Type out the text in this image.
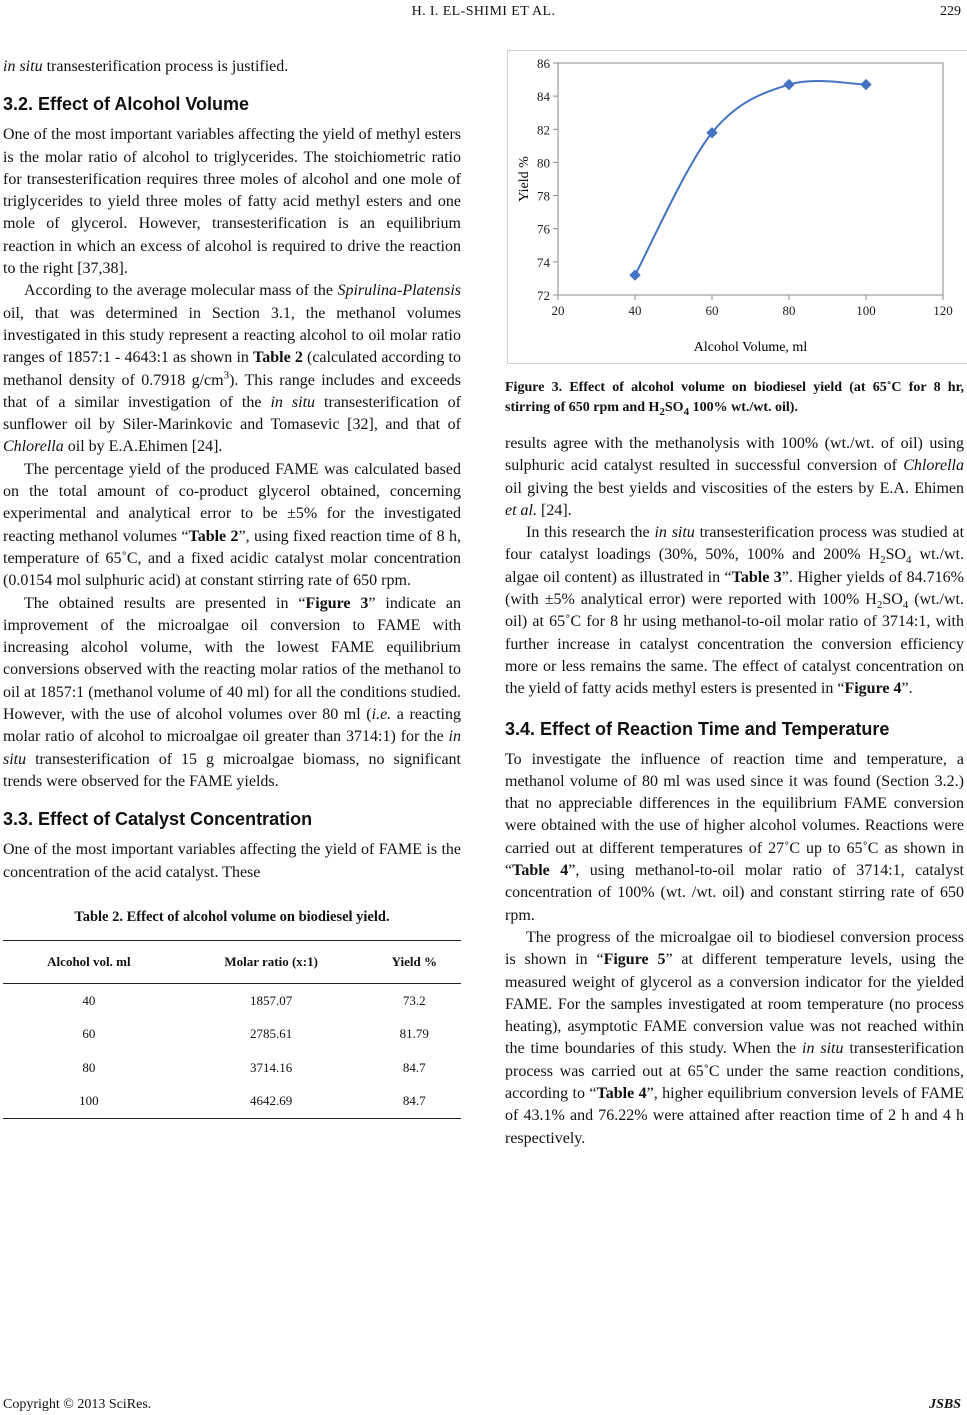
H. I. EL-SHIMI ET AL.	229

in situ transesterification process is justified.

3.2. Effect of Alcohol Volume

One of the most important variables affecting the yield of methyl esters is the molar ratio of alcohol to triglycerides. The stoichiometric ratio for transesterification requires three moles of alcohol and one mole of triglycerides to yield three moles of fatty acid methyl esters and one mole of glycerol. However, transesterification is an equilibrium reaction in which an excess of alcohol is required to drive the reaction to the right [37,38].

According to the average molecular mass of the Spirulina-Platensis oil, that was determined in Section 3.1, the methanol volumes investigated in this study represent a reacting alcohol to oil molar ratio ranges of 1857:1 - 4643:1 as shown in Table 2 (calculated according to methanol density of 0.7918 $g/cm^3$). This range includes and exceeds that of a similar investigation of the in situ transesterification of sunflower oil by Siler-Marinkovic and Tomasevic [32], and that of Chlorella oil by E.A.Ehimen [24].

The percentage yield of the produced FAME was calculated based on the total amount of co-product glycerol obtained, concerning experimental and analytical error to be ±5% for the investigated reacting methanol volumes “Table 2”, using fixed reaction time of 8 h, temperature of 65˚C, and a fixed acidic catalyst molar concentration (0.0154 mol sulphuric acid) at constant stirring rate of 650 rpm.

The obtained results are presented in “Figure 3” indicate an improvement of the microalgae oil conversion to FAME with increasing alcohol volume, with the lowest FAME equilibrium conversions observed with the reacting molar ratios of the methanol to oil at 1857:1 (methanol volume of 40 ml) for all the conditions studied. However, with the use of alcohol volumes over 80 ml (i.e. a reacting molar ratio of alcohol to microalgae oil greater than 3714:1) for the in situ transesterification of 15 g microalgae biomass, no significant trends were observed for the FAME yields.

3.3. Effect of Catalyst Concentration

One of the most important variables affecting the yield of FAME is the concentration of the acid catalyst. These

Table 2. Effect of alcohol volume on biodiesel yield.
Alcohol vol. ml	Molar ratio (x:1)	Yield %
40	1857.07	73.2
60	2785.61	81.79
80	3714.16	84.7
100	4642.69	84.7
72
74
76
78
80
82
84
86
20	40	60	80	100	120
Yield %
Alcohol Volume, ml

Figure 3. Effect of alcohol volume on biodiesel yield (at 65˚C for 8 hr, stirring of 650 rpm and $H_2SO_4$ 100% wt./wt. oil).

results agree with the methanolysis with 100% (wt./wt. of oil) using sulphuric acid catalyst resulted in successful conversion of Chlorella oil giving the best yields and viscosities of the esters by E.A. Ehimen et al. [24].

In this research the in situ transesterification process was studied at four catalyst loadings (30%, 50%, 100% and 200% $H_2SO_4$ wt./wt. algae oil content) as illustrated in “Table 3”. Higher yields of 84.716% (with ±5% analytical error) were reported with 100% $H_2SO_4$ (wt./wt. oil) at 65˚C for 8 hr using methanol-to-oil molar ratio of 3714:1, with further increase in catalyst concentration the conversion efficiency more or less remains the same. The effect of catalyst concentration on the yield of fatty acids methyl esters is presented in “Figure 4”.

3.4. Effect of Reaction Time and Temperature

To investigate the influence of reaction time and temperature, a methanol volume of 80 ml was used since it was found (Section 3.2.) that no appreciable differences in the equilibrium FAME conversion were obtained with the use of higher alcohol volumes. Reactions were carried out at different temperatures of 27˚C up to 65˚C as shown in “Table 4”, using methanol-to-oil molar ratio of 3714:1, catalyst concentration of 100% (wt. /wt. oil) and constant stirring rate of 650 rpm.

The progress of the microalgae oil to biodiesel conversion process is shown in “Figure 5” at different temperature levels, using the measured weight of glycerol as a conversion indicator for the yielded FAME. For the samples investigated at room temperature (no process heating), asymptotic FAME conversion value was not reached within the time boundaries of this study. When the in situ transesterification process was carried out at 65˚C under the same reaction conditions, according to “Table 4”, higher equilibrium conversion levels of FAME of 43.1% and 76.22% were attained after reaction time of 2 h and 4 h respectively.

Copyright © 2013 SciRes.	JSBS
